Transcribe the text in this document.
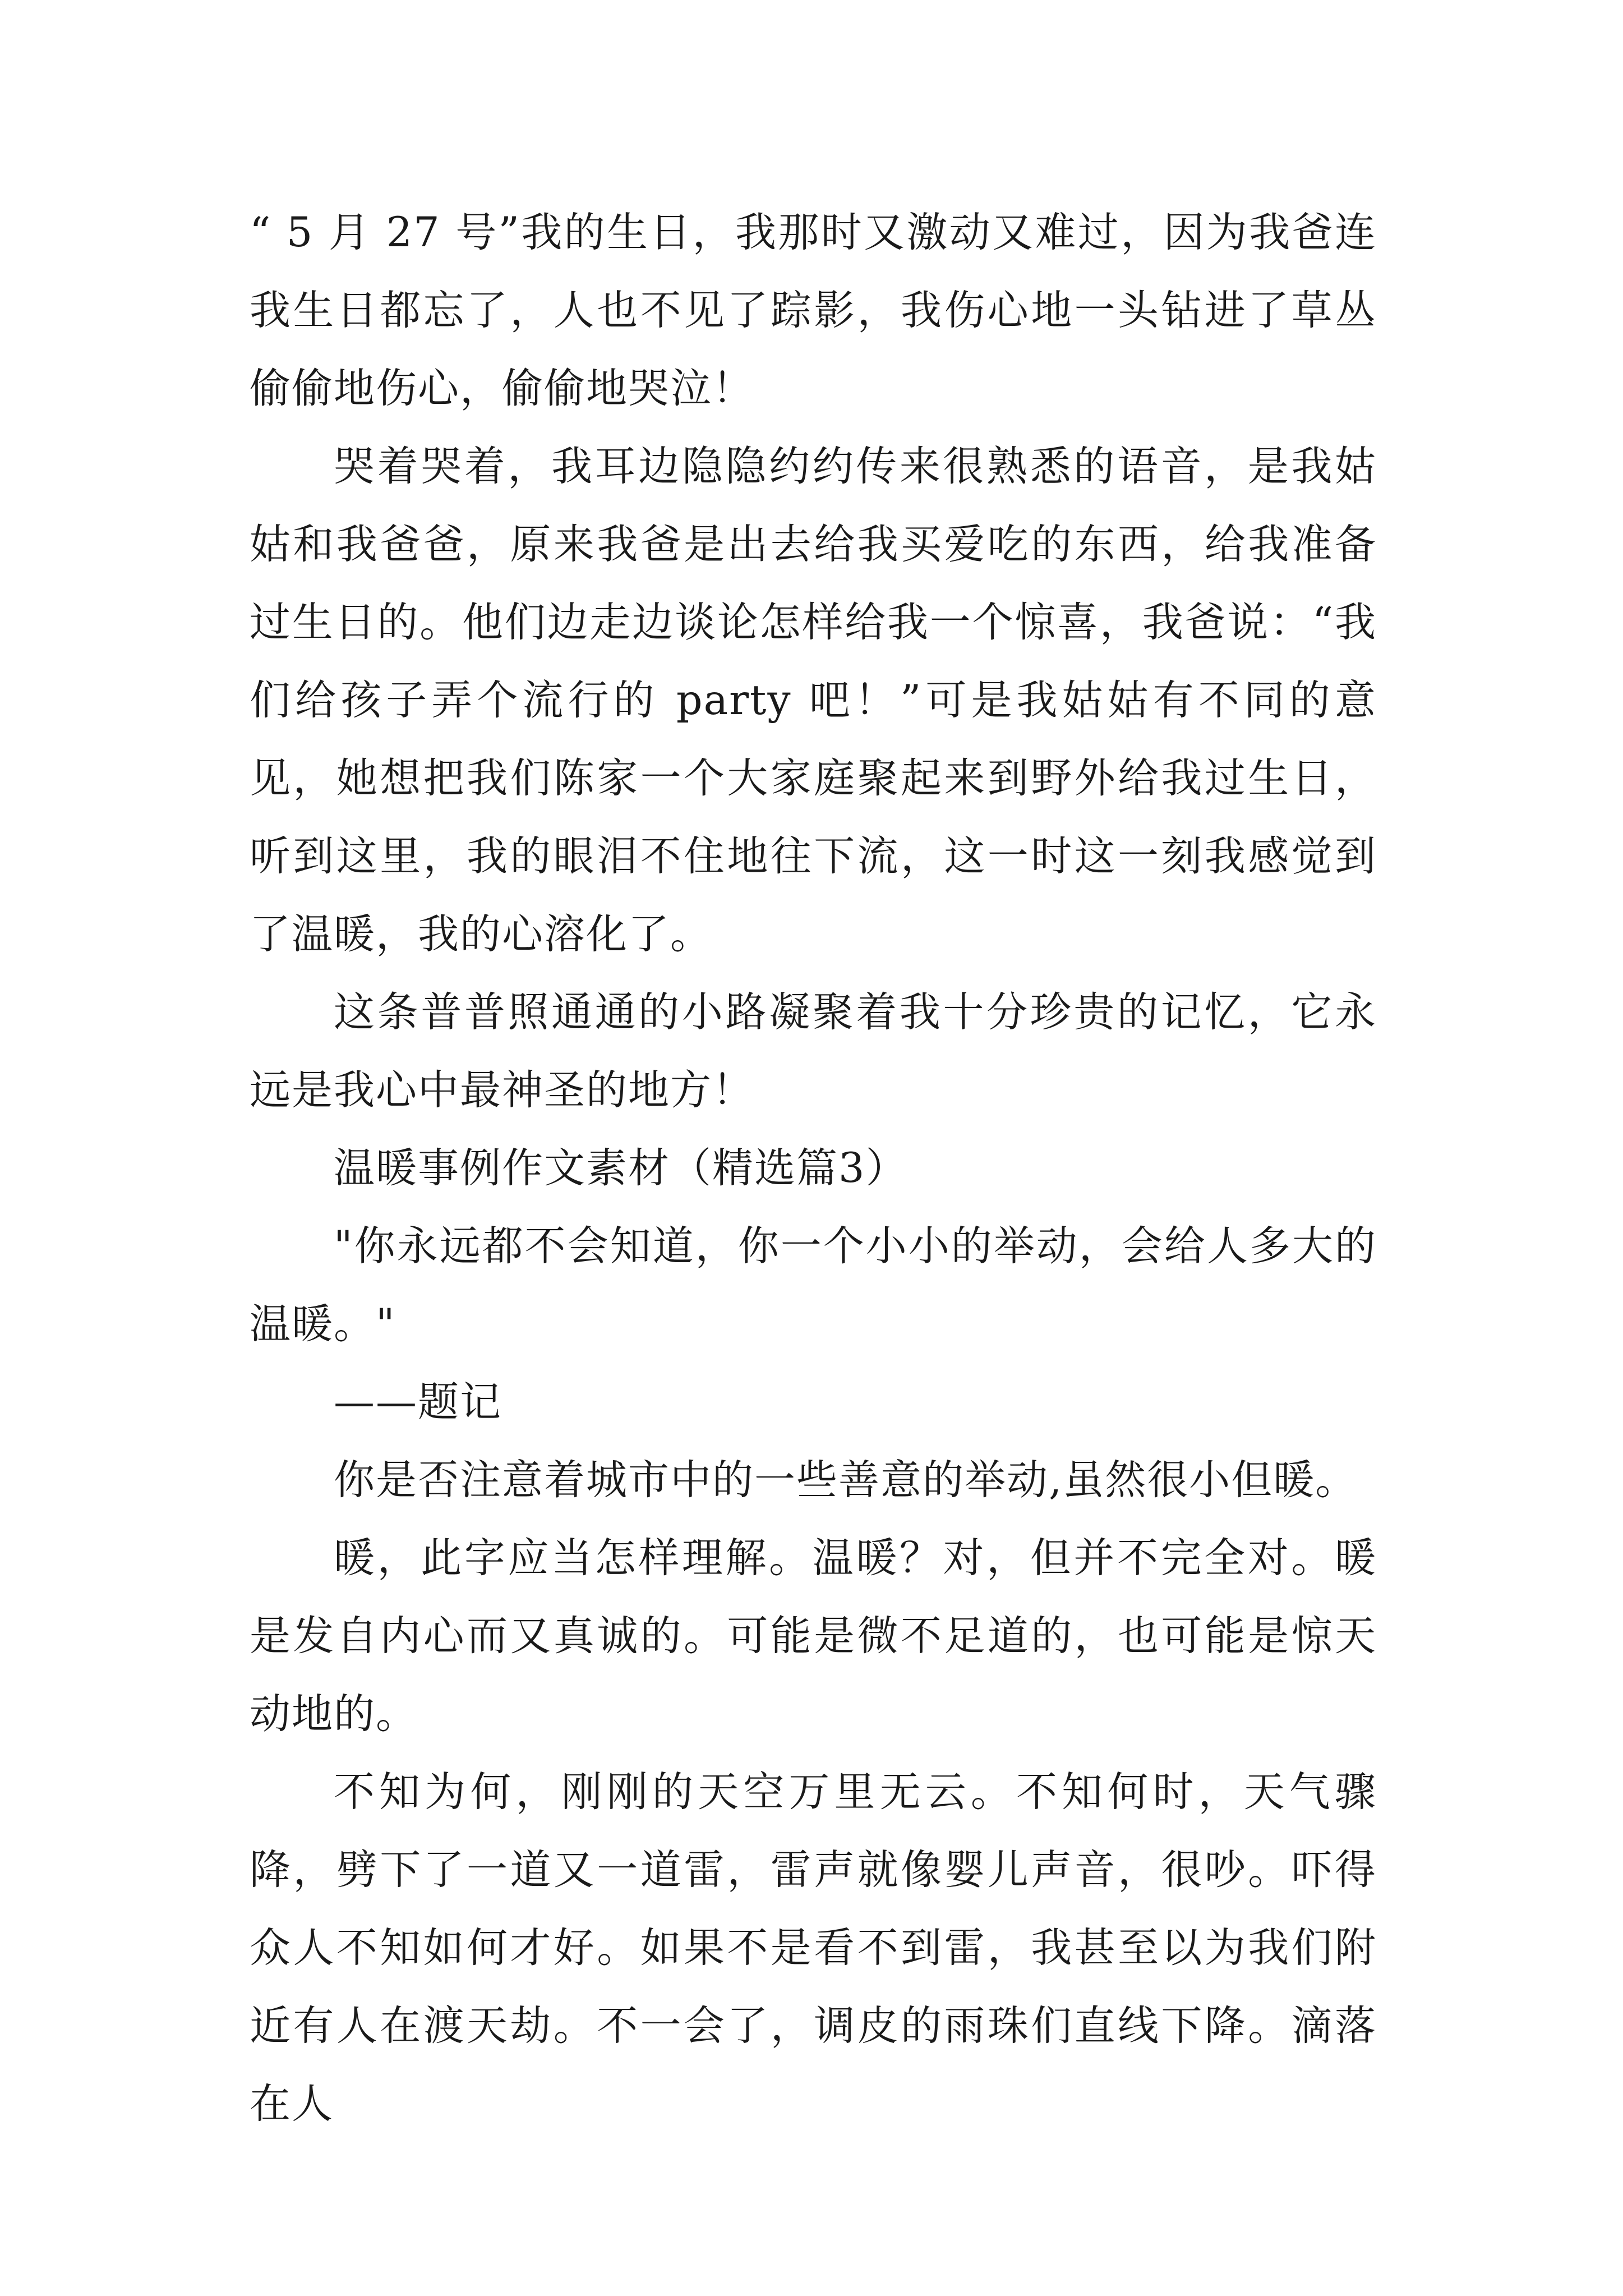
“ 5 月 27 号”我的生日，我那时又激动又难过，因为我爸连我生日都忘了，人也不见了踪影，我伤心地一头钻进了草丛偷偷地伤心，偷偷地哭泣！

哭着哭着，我耳边隐隐约约传来很熟悉的语音，是我姑姑和我爸爸，原来我爸是出去给我买爱吃的东西，给我准备过生日的。他们边走边谈论怎样给我一个惊喜，我爸说：“我们给孩子弄个流行的 party 吧！”可是我姑姑有不同的意见，她想把我们陈家一个大家庭聚起来到野外给我过生日，听到这里，我的眼泪不住地往下流，这一时这一刻我感觉到了温暖，我的心溶化了。

这条普普照通通的小路凝聚着我十分珍贵的记忆，它永远是我心中最神圣的地方！

温暖事例作文素材（精选篇3）

"你永远都不会知道，你一个小小的举动，会给人多大的温暖。"

——题记

你是否注意着城市中的一些善意的举动,虽然很小但暖。

暖，此字应当怎样理解。温暖？对，但并不完全对。暖是发自内心而又真诚的。可能是微不足道的，也可能是惊天动地的。

不知为何，刚刚的天空万里无云。不知何时，天气骤降，劈下了一道又一道雷，雷声就像婴儿声音，很吵。吓得众人不知如何才好。如果不是看不到雷，我甚至以为我们附近有人在渡天劫。不一会了，调皮的雨珠们直线下降。滴落在人
